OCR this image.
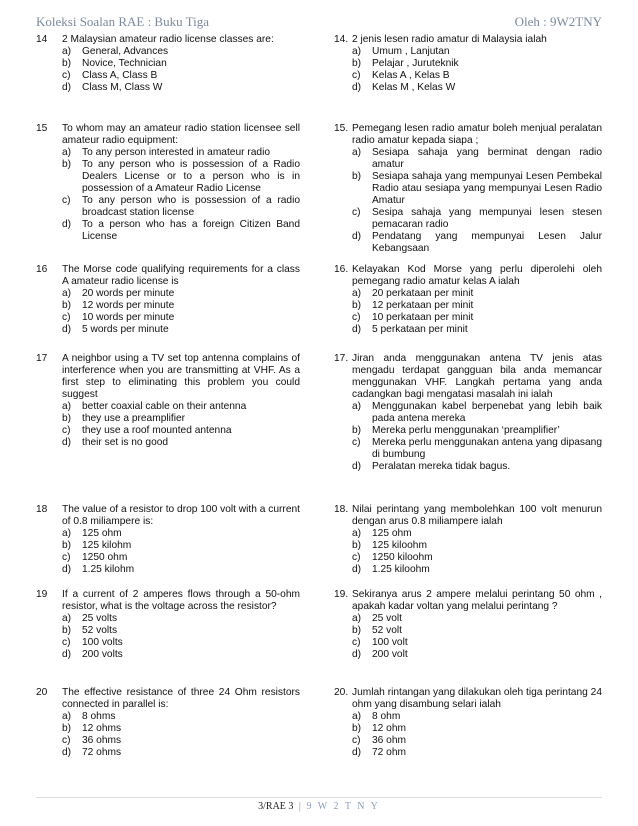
Koleksi Soalan RAE : Buku Tiga	Oleh : 9W2TNY
14 2 Malaysian amateur radio license classes are:
a)	General, Advances
b)	Novice, Technician
c)	Class A, Class B
d)	Class M, Class W
14. 2 jenis lesen radio amatur di Malaysia ialah
a)	Umum , Lanjutan
b)	Pelajar , Juruteknik
c)	Kelas A , Kelas B
d)	Kelas M , Kelas W
15 To whom may an amateur radio station licensee sell amateur radio equipment:
a)	To any person interested in amateur radio
b)	To any person who is possession of a Radio Dealers License or to a person who is in possession of a Amateur Radio License
c)	To any person who is possession of a radio broadcast station license
d)	To a person who has a foreign Citizen Band License
15. Pemegang lesen radio amatur boleh menjual peralatan radio amatur kepada siapa ;
a)	Sesiapa sahaja yang berminat dengan radio amatur
b)	Sesiapa sahaja yang mempunyai Lesen Pembekal Radio atau sesiapa yang mempunyai Lesen Radio Amatur
c)	Sesipa sahaja yang mempunyai lesen stesen pemacaran radio
d)	Pendatang yang mempunyai Lesen Jalur Kebangsaan
16 The Morse code qualifying requirements for a class A amateur radio license is
a)	20 words per minute
b)	12 words per minute
c)	10 words per minute
d)	5 words per minute
16. Kelayakan Kod Morse yang perlu diperolehi oleh pemegang radio amatur kelas A ialah
a)	20 perkataan per minit
b)	12 perkataan per minit
c)	10 perkataan per minit
d)	5 perkataan per minit
17 A neighbor using a TV set top antenna complains of interference when you are transmitting at VHF. As a first step to eliminating this problem you could suggest
a)	better coaxial cable on their antenna
b)	they use a preamplifier
c)	they use a roof mounted antenna
d)	their set is no good
17. Jiran anda menggunakan antena TV jenis atas mengadu terdapat gangguan bila anda memancar menggunakan VHF. Langkah pertama yang anda cadangkan bagi mengatasi masalah ini ialah
a)	Menggunakan kabel berpenebat yang lebih baik pada antena mereka
b)	Mereka perlu menggunakan ‘preamplifier’
c)	Mereka perlu menggunakan antena yang dipasang di bumbung
d)	Peralatan mereka tidak bagus.
18 The value of a resistor to drop 100 volt with a current of 0.8 miliampere is:
a)	125 ohm
b)	125 kilohm
c)	1250 ohm
d)	1.25 kilohm
18. Nilai perintang yang membolehkan 100 volt menurun dengan arus 0.8 miliampere ialah
a)	125 ohm
b)	125 kiloohm
c)	1250 kiloohm
d)	1.25 kiloohm
19 If a current of 2 amperes flows through a 50-ohm resistor, what is the voltage across the resistor?
a)	25 volts
b)	52 volts
c)	100 volts
d)	200 volts
19. Sekiranya arus 2 ampere melalui perintang 50 ohm , apakah kadar voltan yang melalui perintang ?
a)	25 volt
b)	52 volt
c)	100 volt
d)	200 volt
20 The effective resistance of three 24 Ohm resistors connected in parallel is:
a)	8 ohms
b)	12 ohms
c)	36 ohms
d)	72 ohms
20. Jumlah rintangan yang dilakukan oleh tiga perintang 24 ohm yang disambung selari ialah
a)	8 ohm
b)	12 ohm
c)	36 ohm
d)	72 ohm
3/RAE 3 | 9 W 2 T N Y
